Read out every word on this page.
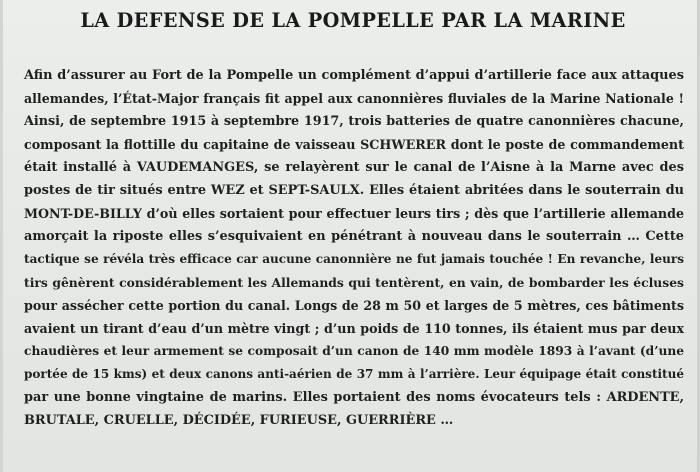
LA DEFENSE DE LA POMPELLE PAR LA MARINE
Afin d’assurer au Fort de la Pompelle un complément d’appui d’artillerie face aux attaques
allemandes, l’État-Major français fit appel aux canonnières fluviales de la Marine Nationale !
Ainsi, de septembre 1915 à septembre 1917, trois batteries de quatre canonnières chacune,
composant la flottille du capitaine de vaisseau SCHWERER dont le poste de commandement
était installé à VAUDEMANGES, se relayèrent sur le canal de l’Aisne à la Marne avec des
postes de tir situés entre WEZ et SEPT-SAULX. Elles étaient abritées dans le souterrain du
MONT-DE-BILLY d’où elles sortaient pour effectuer leurs tirs ; dès que l’artillerie allemande
amorçait la riposte elles s’esquivaient en pénétrant à nouveau dans le souterrain … Cette
tactique se révéla très efficace car aucune canonnière ne fut jamais touchée ! En revanche, leurs
tirs gênèrent considérablement les Allemands qui tentèrent, en vain, de bombarder les écluses
pour assécher cette portion du canal. Longs de 28 m 50 et larges de 5 mètres, ces bâtiments
avaient un tirant d’eau d’un mètre vingt ; d’un poids de 110 tonnes, ils étaient mus par deux
chaudières et leur armement se composait d’un canon de 140 mm modèle 1893 à l’avant (d’une
portée de 15 kms) et deux canons anti-aérien de 37 mm à l’arrière. Leur équipage était constitué
par une bonne vingtaine de marins. Elles portaient des noms évocateurs tels : ARDENTE,
BRUTALE, CRUELLE, DÉCIDÉE, FURIEUSE, GUERRIÈRE …
